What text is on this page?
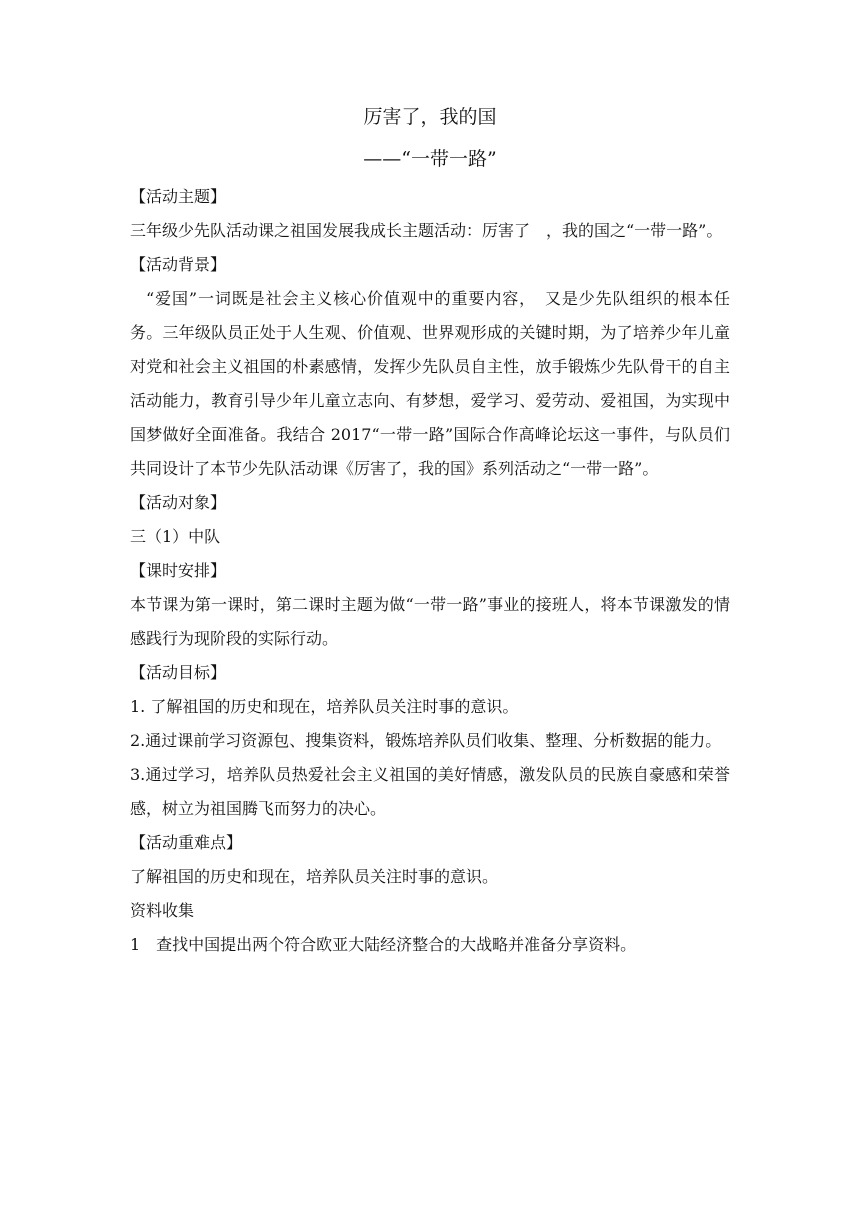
厉害了，我的国
——“一带一路”

【活动主题】

三年级少先队活动课之祖国发展我成长主题活动：厉害了　，我的国之“一带一路”。

【活动背景】

“爱国”一词既是社会主义核心价值观中的重要内容，　又是少先队组织的根本任务。三年级队员正处于人生观、价值观、世界观形成的关键时期，为了培养少年儿童对党和社会主义祖国的朴素感情，发挥少先队员自主性，放手锻炼少先队骨干的自主活动能力，教育引导少年儿童立志向、有梦想，爱学习、爱劳动、爱祖国，为实现中国梦做好全面准备。我结合 2017“一带一路”国际合作高峰论坛这一事件，与队员们共同设计了本节少先队活动课《厉害了，我的国》系列活动之“一带一路”。

【活动对象】

三（1）中队

【课时安排】

本节课为第一课时，第二课时主题为做“一带一路”事业的接班人，将本节课激发的情感践行为现阶段的实际行动。

【活动目标】

1. 了解祖国的历史和现在，培养队员关注时事的意识。

2.通过课前学习资源包、搜集资料，锻炼培养队员们收集、整理、分析数据的能力。

3.通过学习，培养队员热爱社会主义祖国的美好情感，激发队员的民族自豪感和荣誉感，树立为祖国腾飞而努力的决心。

【活动重难点】

了解祖国的历史和现在，培养队员关注时事的意识。

资料收集

1　查找中国提出两个符合欧亚大陆经济整合的大战略并准备分享资料。
